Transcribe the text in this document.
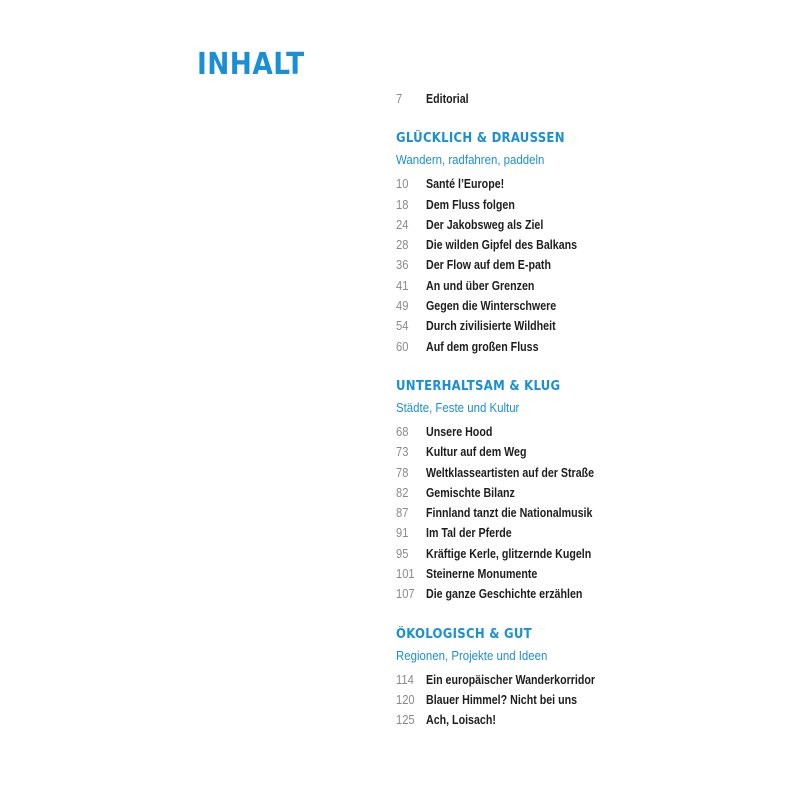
INHALT
7	Editorial
GLÜCKLICH & DRAUSSEN
Wandern, radfahren, paddeln
10	Santé l’Europe!
18	Dem Fluss folgen
24	Der Jakobsweg als Ziel
28	Die wilden Gipfel des Balkans
36	Der Flow auf dem E-path
41	An und über Grenzen
49	Gegen die Winterschwere
54	Durch zivilisierte Wildheit
60	Auf dem großen Fluss
UNTERHALTSAM & KLUG
Städte, Feste und Kultur
68	Unsere Hood
73	Kultur auf dem Weg
78	Weltklasseartisten auf der Straße
82	Gemischte Bilanz
87	Finnland tanzt die Nationalmusik
91	Im Tal der Pferde
95	Kräftige Kerle, glitzernde Kugeln
101 Steinerne Monumente
107 Die ganze Geschichte erzählen
ÖKOLOGISCH & GUT
Regionen, Projekte und Ideen
114 Ein europäischer Wanderkorridor
120 Blauer Himmel? Nicht bei uns
125 Ach, Loisach!
